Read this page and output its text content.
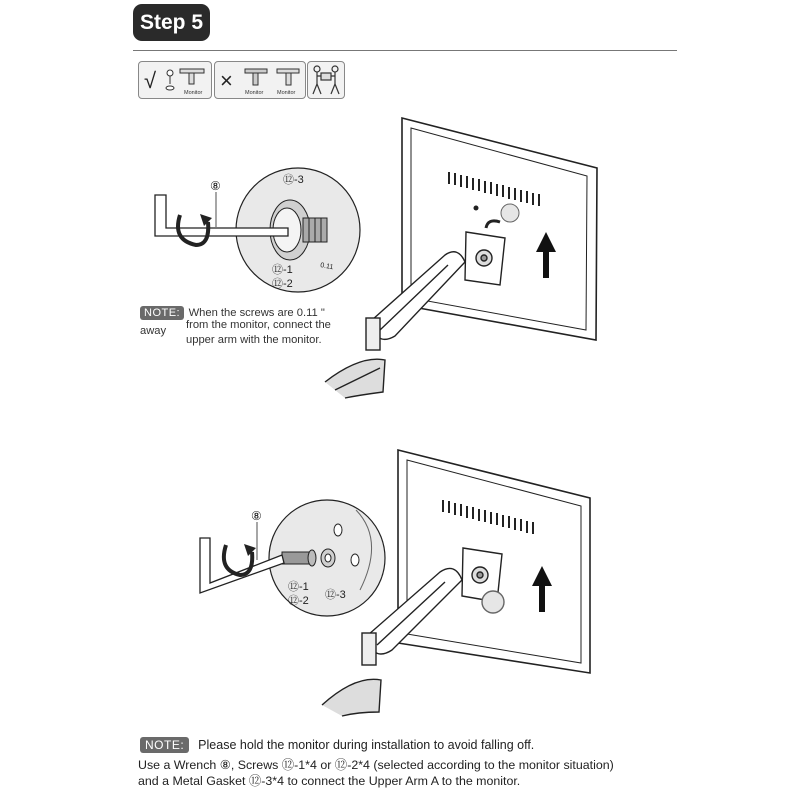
Step 5
√	Monitor × Monitor Monitor
⑫-3
⑫-1
⑫-2
0.11
⑧
NOTE: When the screws are 0.11 " away	from the monitor, connect the
upper arm with the monitor.
⑫-1
⑫-2 ⑫-3
⑧
NOTE:	Please hold the monitor during installation to avoid falling off.
Use a Wrench ⑧, Screws ⑫-1*4 or ⑫-2*4 (selected according to the monitor situation)
and a Metal Gasket ⑫-3*4 to connect the Upper Arm A to the monitor.
